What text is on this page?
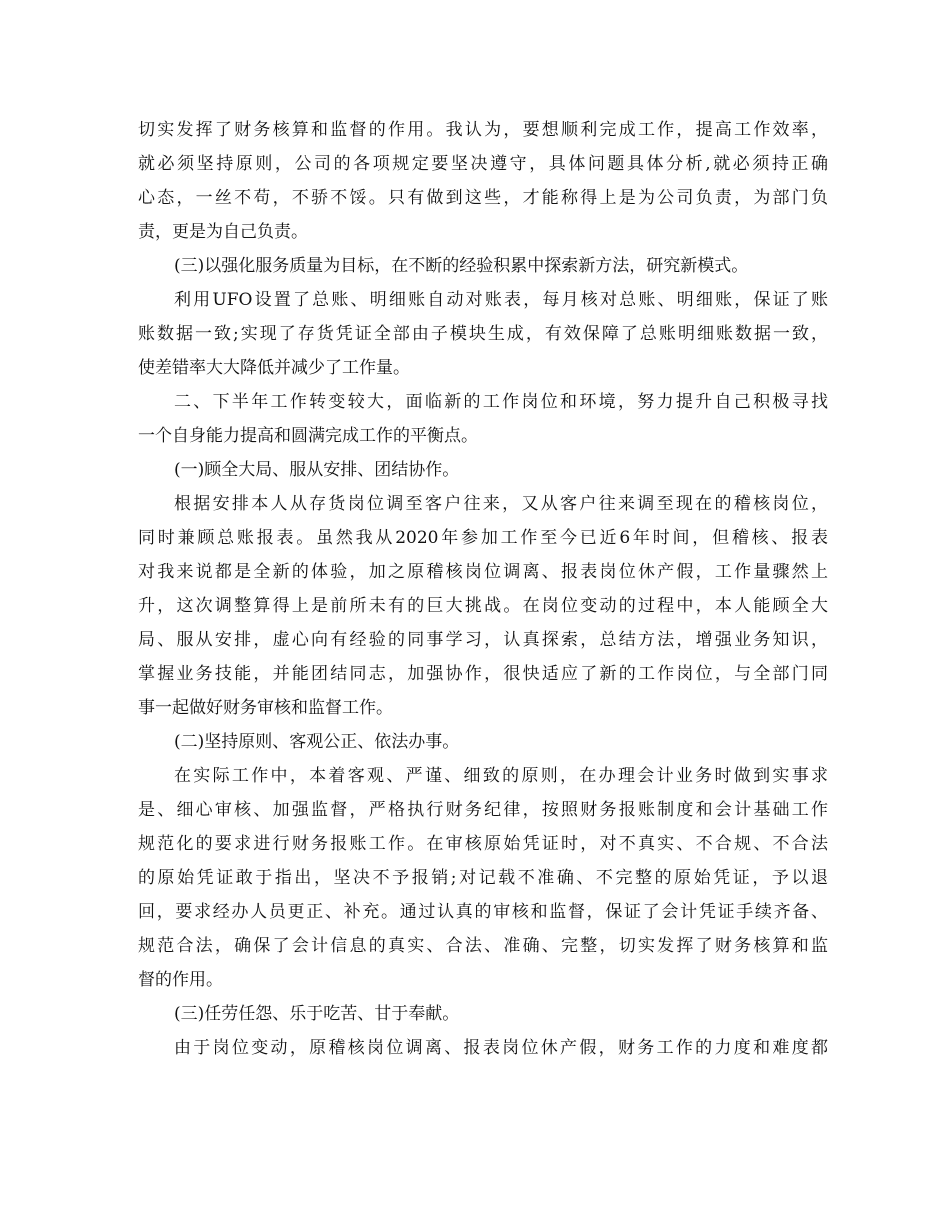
切实发挥了财务核算和监督的作用。我认为，要想顺利完成工作，提高工作效率，
就必须坚持原则，公司的各项规定要坚决遵守，具体问题具体分析,就必须持正确
心态，一丝不苟，不骄不馁。只有做到这些，才能称得上是为公司负责，为部门负
责，更是为自己负责。
(三)以强化服务质量为目标，在不断的经验积累中探索新方法，研究新模式。
利用UFO设置了总账、明细账自动对账表，每月核对总账、明细账，保证了账
账数据一致;实现了存货凭证全部由子模块生成，有效保障了总账明细账数据一致，
使差错率大大降低并减少了工作量。
二、下半年工作转变较大，面临新的工作岗位和环境，努力提升自己积极寻找
一个自身能力提高和圆满完成工作的平衡点。
(一)顾全大局、服从安排、团结协作。
根据安排本人从存货岗位调至客户往来，又从客户往来调至现在的稽核岗位，
同时兼顾总账报表。虽然我从2020年参加工作至今已近6年时间，但稽核、报表
对我来说都是全新的体验，加之原稽核岗位调离、报表岗位休产假，工作量骤然上
升，这次调整算得上是前所未有的巨大挑战。在岗位变动的过程中，本人能顾全大
局、服从安排，虚心向有经验的同事学习，认真探索，总结方法，增强业务知识，
掌握业务技能，并能团结同志，加强协作，很快适应了新的工作岗位，与全部门同
事一起做好财务审核和监督工作。
(二)坚持原则、客观公正、依法办事。
在实际工作中，本着客观、严谨、细致的原则，在办理会计业务时做到实事求
是、细心审核、加强监督，严格执行财务纪律，按照财务报账制度和会计基础工作
规范化的要求进行财务报账工作。在审核原始凭证时，对不真实、不合规、不合法
的原始凭证敢于指出，坚决不予报销;对记载不准确、不完整的原始凭证，予以退
回，要求经办人员更正、补充。通过认真的审核和监督，保证了会计凭证手续齐备、
规范合法，确保了会计信息的真实、合法、准确、完整，切实发挥了财务核算和监
督的作用。
(三)任劳任怨、乐于吃苦、甘于奉献。
由于岗位变动，原稽核岗位调离、报表岗位休产假，财务工作的力度和难度都
